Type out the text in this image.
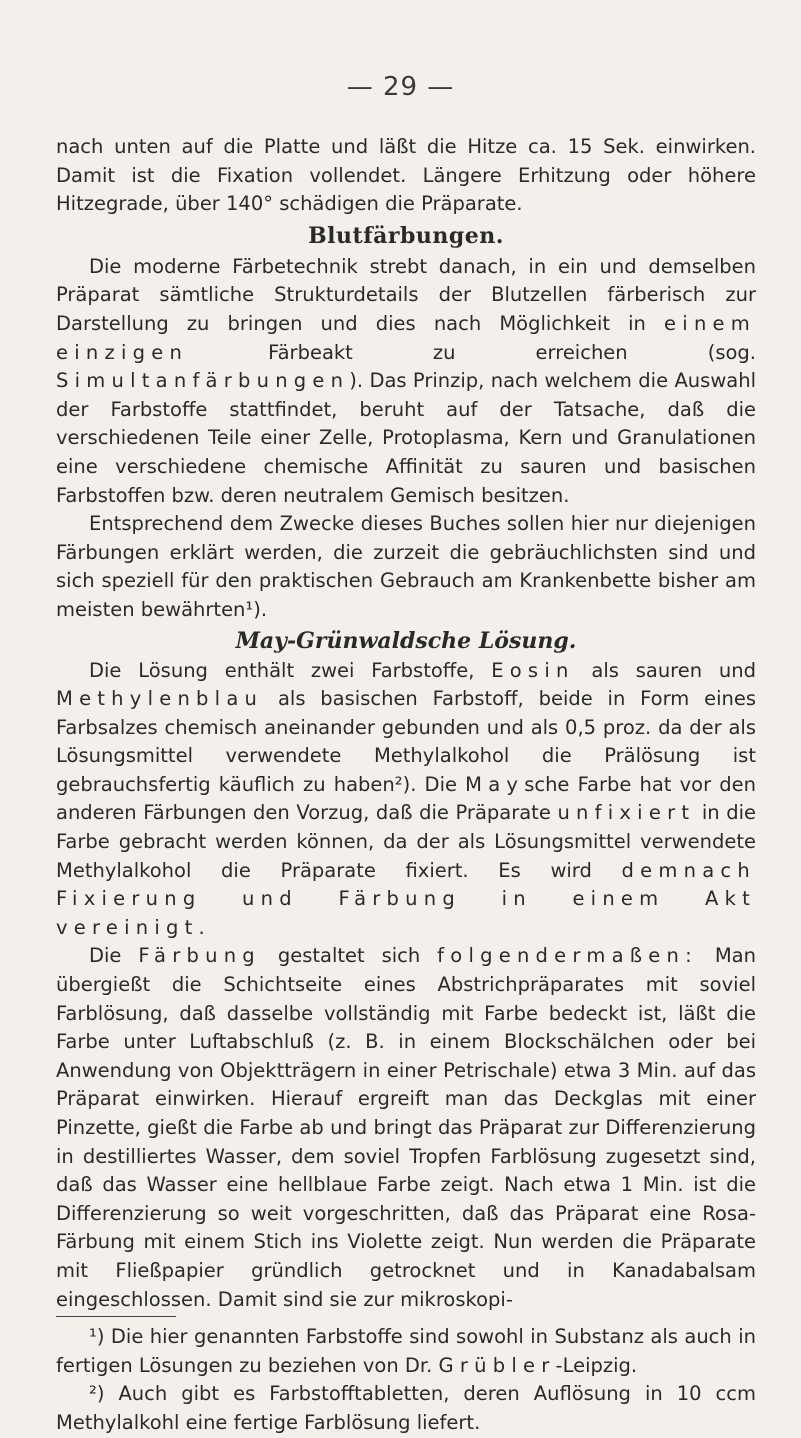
— 29 —

nach unten auf die Platte und läßt die Hitze ca. 15 Sek. einwirken. Damit ist die Fixation vollendet. Längere Erhitzung oder höhere Hitzegrade, über 140° schädigen die Präparate.

Blutfärbungen.

Die moderne Färbetechnik strebt danach, in ein und demselben Präparat sämtliche Strukturdetails der Blutzellen färberisch zur Darstellung zu bringen und dies nach Möglichkeit in einem einzigen	Färbeakt zu erreichen (sog. Simultanfärbungen). Das Prinzip, nach welchem die Auswahl der Farbstoffe stattfindet, beruht auf der Tatsache, daß die verschiedenen Teile einer Zelle, Protoplasma, Kern und Granulationen eine verschiedene chemische Affinität zu sauren und basischen Farbstoffen bzw. deren neutralem Gemisch besitzen.

Entsprechend dem Zwecke dieses Buches sollen hier nur diejenigen Färbungen erklärt werden, die zurzeit die gebräuchlichsten sind und sich speziell für den praktischen Gebrauch am Krankenbette bisher am meisten bewährten¹).

May-Grünwaldsche Lösung.

Die Lösung enthält zwei Farbstoffe, Eosin als sauren und Methylenblau als basischen Farbstoff, beide in Form eines Farbsalzes chemisch aneinander gebunden und als 0,5 proz. da der als Lösungsmittel verwendete Methylalkohol die Prälösung ist gebrauchsfertig käuflich zu haben²). Die Maysche Farbe hat vor den anderen Färbungen den Vorzug, daß die Präparate unfixiert in die Farbe gebracht werden können, da der als Lösungsmittel verwendete Methylalkohol die Präparate fixiert. Es wird demnach Fixierung und Färbung in einem Akt vereinigt.

Die Färbung gestaltet sich folgendermaßen: Man übergießt die Schichtseite eines Abstrichpräparates mit soviel Farblösung, daß dasselbe vollständig mit Farbe bedeckt ist, läßt die Farbe unter Luftabschluß (z. B. in einem Blockschälchen oder bei Anwendung von Objektträgern in einer Petrischale) etwa 3 Min. auf das Präparat einwirken. Hierauf ergreift man das Deckglas mit einer Pinzette, gießt die Farbe ab und bringt das Präparat zur Differenzierung in destilliertes Wasser, dem soviel Tropfen Farblösung zugesetzt sind, daß das Wasser eine hellblaue Farbe zeigt. Nach etwa 1 Min. ist die Differenzierung so weit vorgeschritten, daß das Präparat eine Rosa-Färbung mit einem Stich ins Violette zeigt. Nun werden die Präparate mit Fließpapier gründlich getrocknet und in Kanadabalsam eingeschlossen. Damit sind sie zur mikroskopi-

¹) Die hier genannten Farbstoffe sind sowohl in Substanz als auch in fertigen Lösungen zu beziehen von Dr. Grübler-Leipzig.

²) Auch gibt es Farbstofftabletten, deren Auflösung in 10 ccm Methylalkohl eine fertige Farblösung liefert.
